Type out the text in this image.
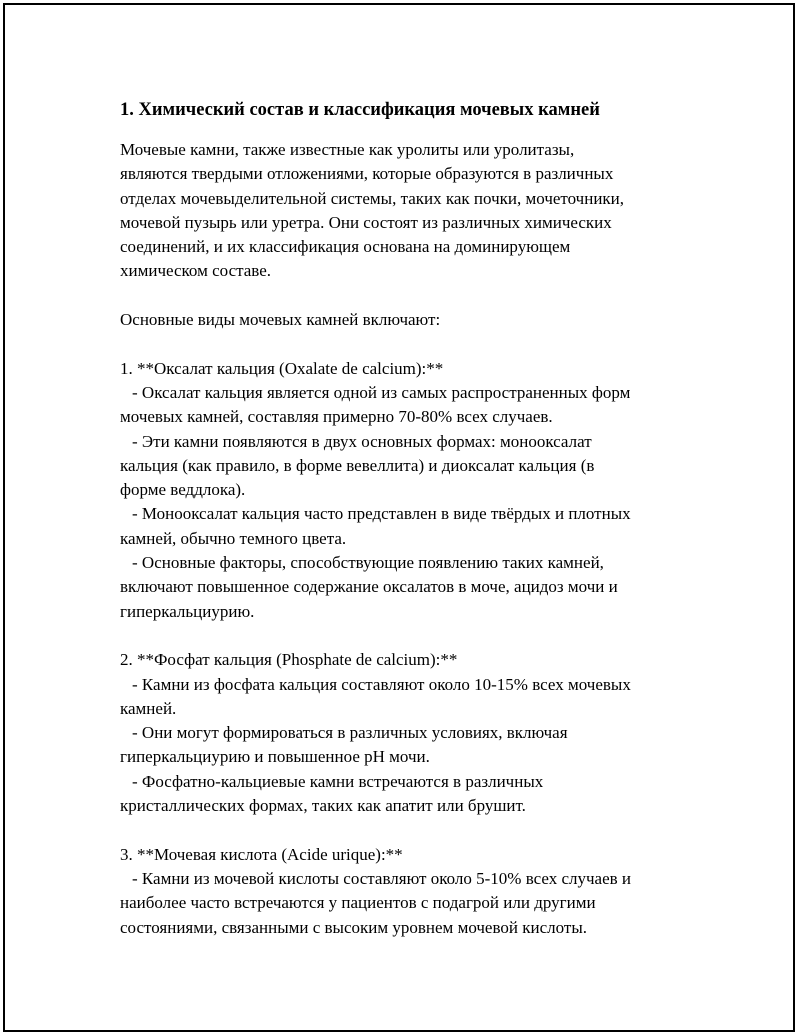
1. Химический состав и классификация мочевых камней
Мочевые камни, также известные как уролиты или уролитазы,
являются твердыми отложениями, которые образуются в различных
отделах мочевыделительной системы, таких как почки, мочеточники,
мочевой пузырь или уретра. Они состоят из различных химических
соединений, и их классификация основана на доминирующем
химическом составе.
Основные виды мочевых камней включают:
1. **Оксалат кальция (Oxalate de calcium):**
- Оксалат кальция является одной из самых распространенных форм
мочевых камней, составляя примерно 70-80% всех случаев.
- Эти камни появляются в двух основных формах: монооксалат
кальция (как правило, в форме вевеллита) и диоксалат кальция (в
форме веддлока).
- Монооксалат кальция часто представлен в виде твёрдых и плотных
камней, обычно темного цвета.
- Основные факторы, способствующие появлению таких камней,
включают повышенное содержание оксалатов в моче, ацидоз мочи и
гиперкальциурию.
2. **Фосфат кальция (Phosphate de calcium):**
- Камни из фосфата кальция составляют около 10-15% всех мочевых
камней.
- Они могут формироваться в различных условиях, включая
гиперкальциурию и повышенное pH мочи.
- Фосфатно-кальциевые камни встречаются в различных
кристаллических формах, таких как апатит или брушит.
3. **Мочевая кислота (Acide urique):**
- Камни из мочевой кислоты составляют около 5-10% всех случаев и
наиболее часто встречаются у пациентов с подагрой или другими
состояниями, связанными с высоким уровнем мочевой кислоты.
